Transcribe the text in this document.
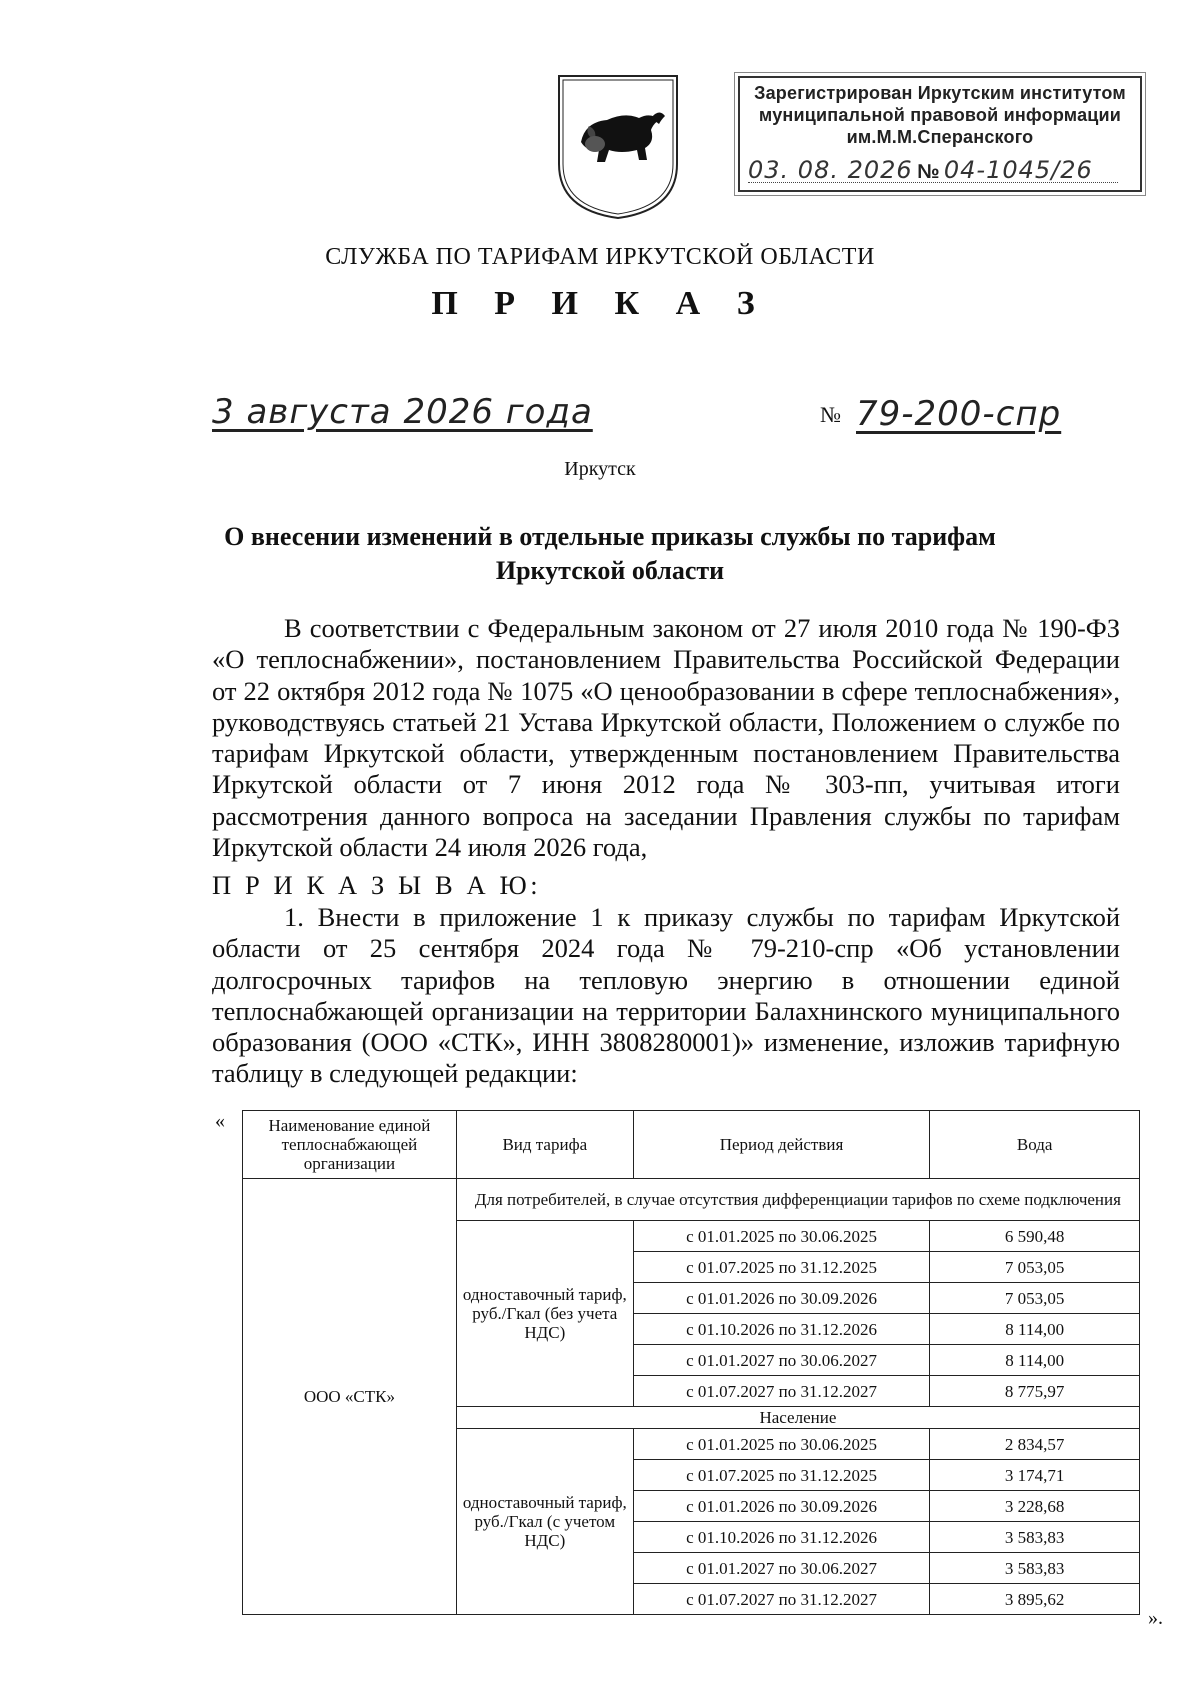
Зарегистрирован Иркутским институтом
муниципальной правовой информации
им.М.М.Сперанского
03. 08. 2026 № 04-1045/26
СЛУЖБА ПО ТАРИФАМ ИРКУТСКОЙ ОБЛАСТИ
П Р И К А З
3 августа 2026 года	№ 79-200-спр
Иркутск
О внесении изменений в отдельные приказы службы по тарифам
Иркутской области
В соответствии с Федеральным законом от 27 июля 2010 года № 190-ФЗ «О теплоснабжении», постановлением Правительства Российской Федерации от 22 октября 2012 года № 1075 «О ценообразовании в сфере теплоснабжения», руководствуясь статьей 21 Устава Иркутской области, Положением о службе по тарифам Иркутской области, утвержденным постановлением Правительства Иркутской области от 7 июня 2012 года № 303-пп, учитывая итоги рассмотрения данного вопроса на заседании Правления службы по тарифам Иркутской области 24 июля 2026 года,
П Р И К А З Ы В А Ю:
1. Внести в приложение 1 к приказу службы по тарифам Иркутской области от 25 сентября 2024 года № 79-210-спр «Об установлении долгосрочных тарифов на тепловую энергию в отношении единой теплоснабжающей организации на территории Балахнинского муниципального образования (ООО «СТК», ИНН 3808280001)» изменение, изложив тарифную таблицу в следующей редакции:
«	Наименование единой теплоснабжающей организации	Вид тарифа	Период действия	Вода
ООО «СТК»	Для потребителей, в случае отсутствия дифференциации тарифов по схеме подключения		
	одноставочный тариф, руб./Гкал (без учета НДС)	с 01.01.2025 по 30.06.2025	6 590,48
		с 01.07.2025 по 31.12.2025	7 053,05
		с 01.01.2026 по 30.09.2026	7 053,05
		с 01.10.2026 по 31.12.2026	8 114,00
		с 01.01.2027 по 30.06.2027	8 114,00
		с 01.07.2027 по 31.12.2027	8 775,97
	Население		
	одноставочный тариф, руб./Гкал (с учетом НДС)	с 01.01.2025 по 30.06.2025	2 834,57
		с 01.07.2025 по 31.12.2025	3 174,71
		с 01.01.2026 по 30.09.2026	3 228,68
		с 01.10.2026 по 31.12.2026	3 583,83
		с 01.01.2027 по 30.06.2027	3 583,83
		с 01.07.2027 по 31.12.2027	3 895,62
».
